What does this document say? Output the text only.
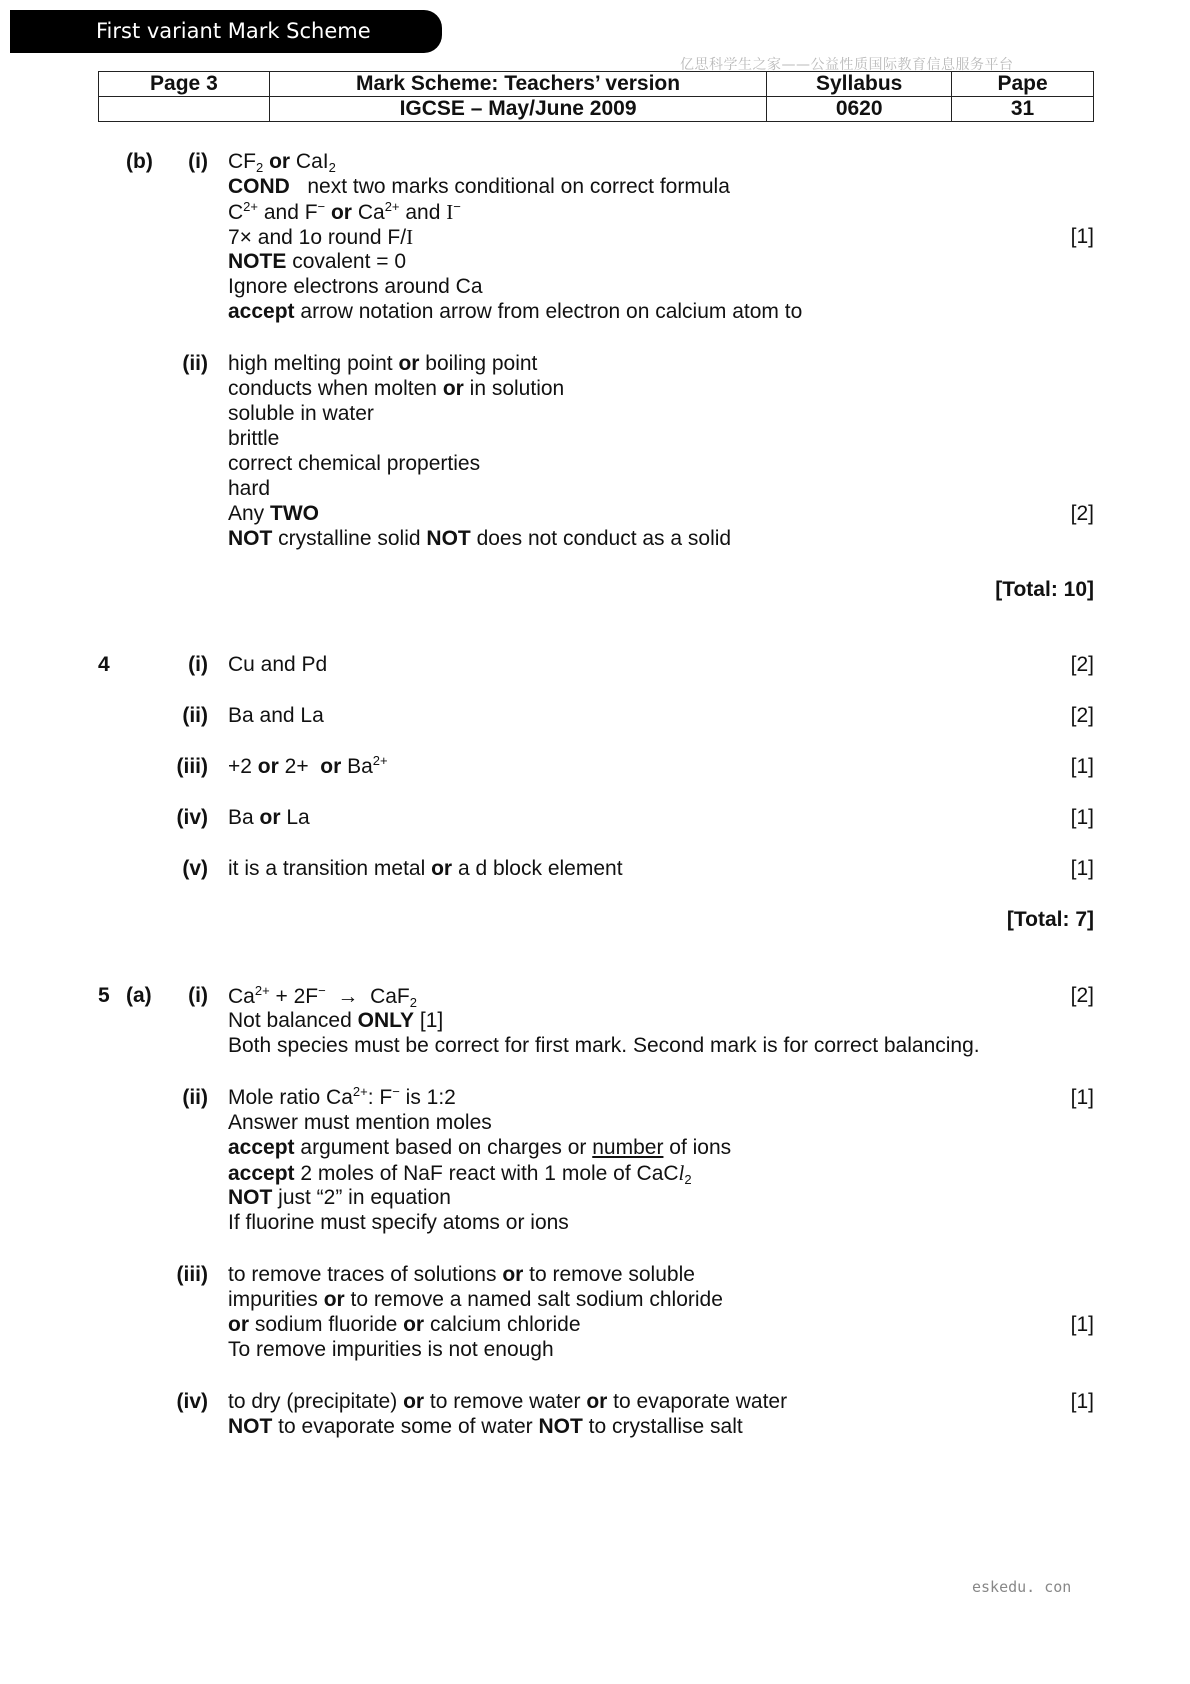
First variant Mark Scheme
亿思科学生之家——公益性质国际教育信息服务平台
Page 3	Mark Scheme: Teachers’ version	Syllabus	Pape
	IGCSE – May/June 2009	0620	31
(b)	(i) $CF_2$ or CaI$_2$
COND next two marks conditional on correct formula
$C^{2+}$ and F− or $Ca^{2+}$ and I−
7× and 1o round F/I	[1]
NOTE covalent = 0
Ignore electrons around Ca
accept arrow notation arrow from electron on calcium atom to
(ii) high melting point or boiling point
conducts when molten or in solution
soluble in water
brittle
correct chemical properties
hard
Any TWO	[2]
NOT crystalline solid NOT does not conduct as a solid
[Total: 10]
4	(i) Cu and Pd	[2]
(ii) Ba and La	[2]
(iii) +2 or 2+ or $Ba^{2+}$	[1]
(iv) Ba or La	[1]
(v) it is a transition metal or a d block element	[1]
[Total: 7]
5 (a)	(i) $Ca^{2+} + 2F^- \to CaF_2$	[2]
Not balanced ONLY [1]
Both species must be correct for first mark. Second mark is for correct balancing.
(ii) Mole ratio $Ca^{2+}$: F− is 1:2	[1]
Answer must mention moles
accept argument based on charges or number of ions
accept 2 moles of NaF react with 1 mole of CaCl$_2$
NOT just “2” in equation
If fluorine must specify atoms or ions
(iii) to remove traces of solutions or to remove soluble
impurities or to remove a named salt sodium chloride
or sodium fluoride or calcium chloride	[1]
To remove impurities is not enough
(iv) to dry (precipitate) or to remove water or to evaporate water	[1]
NOT to evaporate some of water NOT to crystallise salt
eskedu. con
